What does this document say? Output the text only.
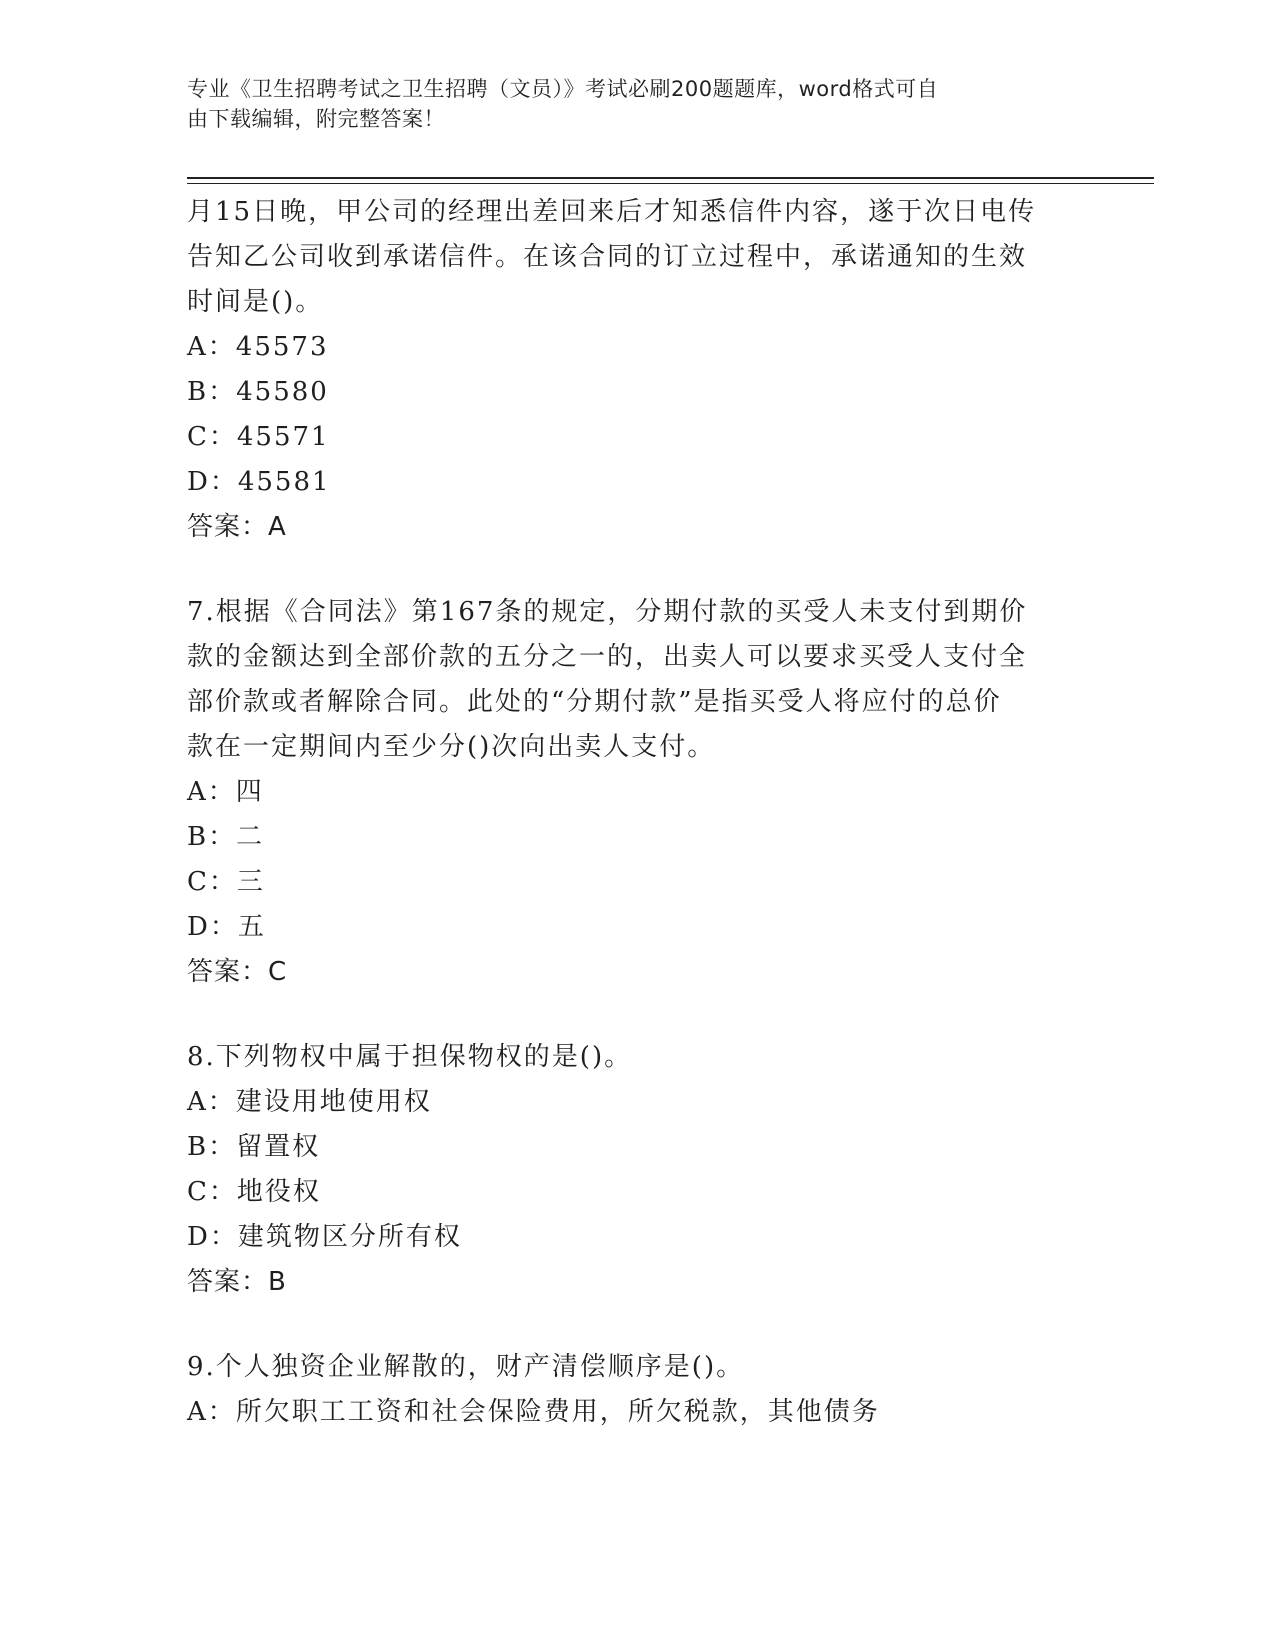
专业《卫生招聘考试之卫生招聘（文员）》考试必刷200题题库，word格式可自
由下载编辑，附完整答案！
月15日晚，甲公司的经理出差回来后才知悉信件内容，遂于次日电传
告知乙公司收到承诺信件。在该合同的订立过程中，承诺通知的生效
时间是()。
A：45573
B：45580
C：45571
D：45581
答案：A
7.根据《合同法》第167条的规定，分期付款的买受人未支付到期价
款的金额达到全部价款的五分之一的，出卖人可以要求买受人支付全
部价款或者解除合同。此处的“分期付款”是指买受人将应付的总价
款在一定期间内至少分()次向出卖人支付。
A：四
B：二
C：三
D：五
答案：C
8.下列物权中属于担保物权的是()。
A：建设用地使用权
B：留置权
C：地役权
D：建筑物区分所有权
答案：B
9.个人独资企业解散的，财产清偿顺序是()。
A：所欠职工工资和社会保险费用，所欠税款，其他债务
